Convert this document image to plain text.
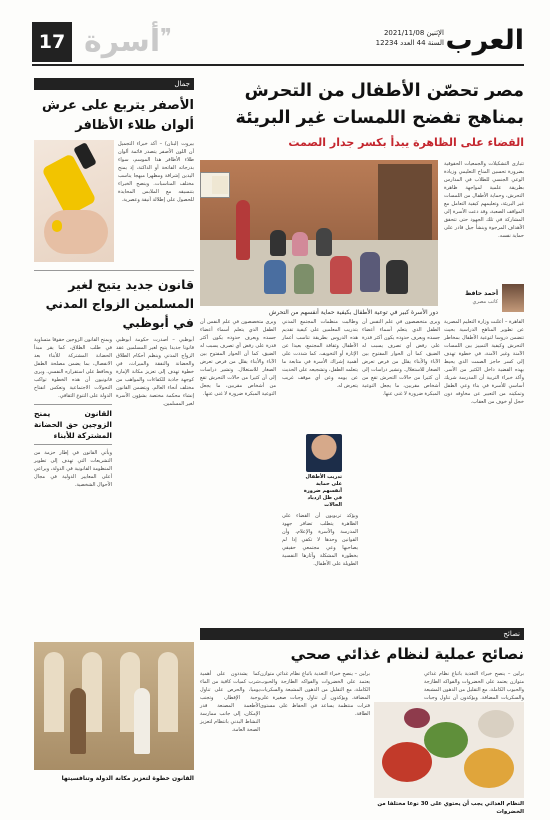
العرب
الإثنين 2021/11/08
السنة 44 العدد 12234
❞
أسرة
17
مصر تحصّن الأطفال من التحرش بمناهج تفضح اللمسات غير البريئة
القضاء على الظاهرة يبدأ بكسر جدار الصمت
تتبارى التشكيلات والجمعيات الحقوقية بضرورة تحسين المناخ التعليمي وزيادة الوعي الجنسي للطلاب في المدارس بطريقة علمية لمواجهة ظاهرة التحرش، وحماية الأطفال من اللمسات غير البريئة، وتعليمهم كيفية التعامل مع المواقف الصعبة، وقد دعت الأسرة إلى المشاركة في تلك الجهود حتى تتحقق الأهداف المرجوة وينشأ جيل قادر على حماية نفسه.
أحمد حافظ
كاتب مصري
دور الأسرة كبير في توعية الأطفال بكيفية حماية أنفسهم من التحرش
القاهرة – أعلنت وزارة التعليم المصرية عن تطوير المناهج الدراسية بحيث تتضمن دروسا لتوعية الأطفال بمخاطر التحرش وكيفية التمييز بين اللمسات الآمنة وغير الآمنة، في خطوة تهدف إلى كسر حاجز الصمت الذي يحيط بهذه القضية داخل الكثير من الأسر. وأكد خبراء التربية أن المدرسة شريك أساسي للأسرة في بناء وعي الطفل وتمكينه من التعبير عن مخاوفه دون خجل أو خوف من العقاب.
ويرى متخصصون في علم النفس أن الطفل الذي يتعلم أسماء أعضاء جسده ويعرف حدوده يكون أكثر قدرة على رفض أي تصرف يسبب له الضيق، كما أن الحوار المفتوح بين الآباء والأبناء يقلل من فرص تعرض الصغار للاستغلال. وتشير دراسات إلى أن كثيرا من حالات التحرش تقع من أشخاص مقربين، ما يجعل التوعية المبكرة ضرورة لا غنى عنها.
وطالبت منظمات المجتمع المدني بتدريب المعلمين على كيفية تقديم هذه الدروس بطريقة تناسب أعمار الأطفال وثقافة المجتمع، بعيدا عن الإثارة أو التخويف. كما شددت على أهمية إشراك الأسرة في متابعة ما يتعلمه الطفل، وتشجيعه على الحديث عن يومه وعن أي موقف غريب يتعرض له.
ويؤكد تربويون أن القضاء على الظاهرة يتطلب تضافر جهود المدرسة والأسرة والإعلام، وأن القوانين وحدها لا تكفي إذا لم يصاحبها وعي مجتمعي حقيقي بخطورة المشكلة وآثارها النفسية الطويلة على الأطفال.
ويرى متخصصون في علم النفس أن الطفل الذي يتعلم أسماء أعضاء جسده ويعرف حدوده يكون أكثر قدرة على رفض أي تصرف يسبب له الضيق، كما أن الحوار المفتوح بين الآباء والأبناء يقلل من فرص تعرض الصغار للاستغلال. وتشير دراسات إلى أن كثيرا من حالات التحرش تقع من أشخاص مقربين، ما يجعل التوعية المبكرة ضرورة لا غنى عنها.
تدريب الأطفال على حماية أنفسهم ضرورة في ظل ازدياد الحالات
جمال
الأصفر يتربع على عرش ألوان طلاء الأظافر
بيروت (لبنان) – أكد خبراء التجميل أن اللون الأصفر يتصدر قائمة ألوان طلاء الأظافر هذا الموسم، سواء بدرجاته الفاتحة أو الداكنة، إذ يمنح اليدين إشراقة ومظهرا مبهجا يناسب مختلف المناسبات. وينصح الخبراء بتنسيقه مع الملابس المحايدة للحصول على إطلالة أنيقة وعصرية.
قانون جديد يتيح لغير المسلمين الزواج المدني في أبوظبي
أبوظبي – أصدرت حكومة أبوظبي قانونا جديدا يتيح لغير المسلمين عقد الزواج المدني وينظم أحكام الطلاق والحضانة والنفقة والميراث، في خطوة تهدف إلى تعزيز مكانة الإمارة كوجهة جاذبة للكفاءات والمواهب من مختلف أنحاء العالم. ويتضمن القانون إنشاء محكمة مختصة بشؤون الأسرة لغير المسلمين.
ويمنح القانون الزوجين حقوقا متساوية في طلب الطلاق، كما يقر مبدأ الحضانة المشتركة للأبناء بعد الانفصال، بما يضمن مصلحة الطفل ويحافظ على استقراره النفسي. ويرى قانونيون أن هذه الخطوة تواكب التحولات الاجتماعية وتعكس انفتاح الدولة على التنوع الثقافي.
القانون يمنح الزوجين حق الحضانة المشتركة للأبناء
ويأتي القانون في إطار حزمة من التشريعات التي تهدف إلى تطوير المنظومة القانونية في الدولة، ويراعي أعلى المعايير الدولية في مجال الأحوال الشخصية.
القانون خطوة لتعزيز مكانة الدولة وتنافسيتها
نصائح
نصائح عملية لنظام غذائي صحي
برلين – ينصح خبراء التغذية باتباع نظام غذائي متوازن يعتمد على الخضروات والفواكه الطازجة والحبوب الكاملة، مع التقليل من الدهون المشبعة والسكريات المضافة. ويؤكدون أن تناول وجبات
برلين – ينصح خبراء التغذية باتباع نظام غذائي متوازن يعتمد على الخضروات والفواكه الطازجة والحبوب الكاملة، مع التقليل من الدهون المشبعة والسكريات المضافة. ويؤكدون أن تناول وجبات صغيرة على فترات منتظمة يساعد في الحفاظ على مستوى الطاقة.
كما يشددون على أهمية شرب كميات كافية من الماء يوميا، والحرص على تناول وجبة الإفطار، وتجنب الأطعمة المصنعة قدر الإمكان، إلى جانب ممارسة النشاط البدني بانتظام لتعزيز الصحة العامة.
النظام الغذائي يجب أن يحتوي على 30 نوعا مختلفا من الخضروات
